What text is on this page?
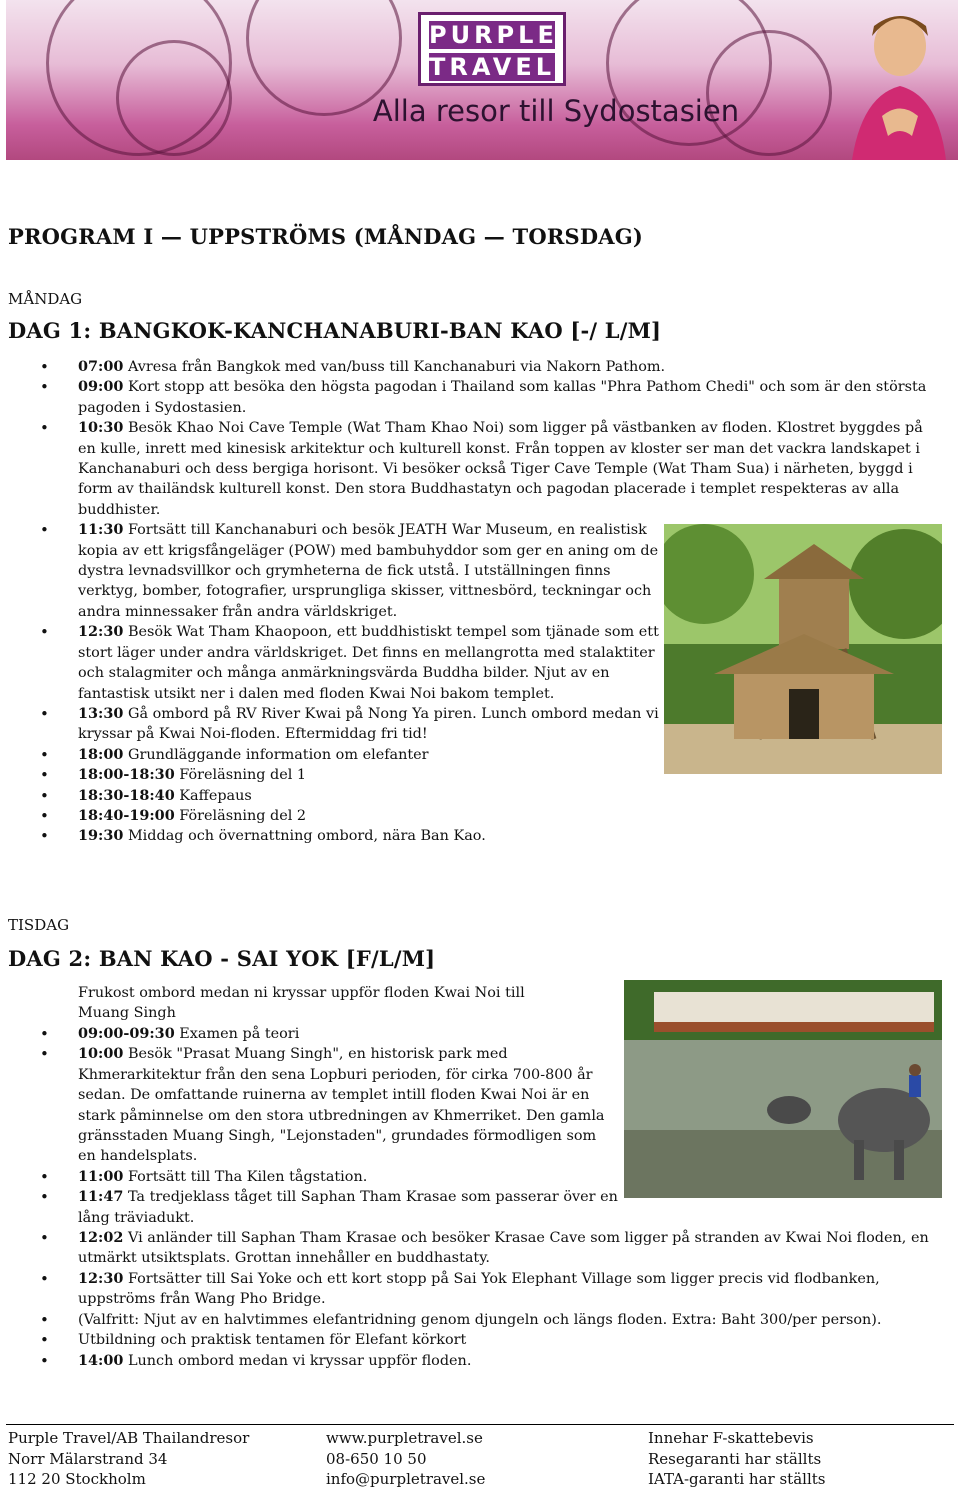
PURPLE
TRAVEL
Alla resor till Sydostasien
PROGRAM I — UPPSTRÖMS (MÅNDAG — TORSDAG)
MÅNDAG
DAG 1: BANGKOK-KANCHANABURI-BAN KAO [-/ L/M]
• 07:00 Avresa från Bangkok med van/buss till Kanchanaburi via Nakorn Pathom.
• 09:00 Kort stopp att besöka den högsta pagodan i Thailand som kallas "Phra Pathom Chedi" och som är den största pagoden i Sydostasien.
• 10:30 Besök Khao Noi Cave Temple (Wat Tham Khao Noi) som ligger på västbanken av floden. Klostret byggdes på en kulle, inrett med kinesisk arkitektur och kulturell konst. Från toppen av kloster ser man det vackra landskapet i Kanchanaburi och dess bergiga horisont. Vi besöker också Tiger Cave Temple (Wat Tham Sua) i närheten, byggd i form av thailändsk kulturell konst. Den stora Buddhastatyn och pagodan placerade i templet respekteras av alla buddhister.
• 11:30 Fortsätt till Kanchanaburi och besök JEATH War Museum, en realistisk kopia av ett krigsfångeläger (POW) med bambuhyddor som ger en aning om de dystra levnadsvillkor och grymheterna de fick utstå. I utställningen finns verktyg, bomber, fotografier, ursprungliga skisser, vittnesbörd, teckningar och andra minnessaker från andra världskriget.
• 12:30 Besök Wat Tham Khaopoon, ett buddhistiskt tempel som tjänade som ett stort läger under andra världskriget. Det finns en mellangrotta med stalaktiter och stalagmiter och många anmärkningsvärda Buddha bilder. Njut av en fantastisk utsikt ner i dalen med floden Kwai Noi bakom templet.
• 13:30 Gå ombord på RV River Kwai på Nong Ya piren. Lunch ombord medan vi kryssar på Kwai Noi-floden. Eftermiddag fri tid!
• 18:00 Grundläggande information om elefanter
• 18:00-18:30 Föreläsning del 1
• 18:30-18:40 Kaffepaus
• 18:40-19:00 Föreläsning del 2
• 19:30 Middag och övernattning ombord, nära Ban Kao.
TISDAG
DAG 2: BAN KAO - SAI YOK [F/L/M]
Frukost ombord medan ni kryssar uppför floden Kwai Noi till Muang Singh
• 09:00-09:30 Examen på teori
• 10:00 Besök "Prasat Muang Singh", en historisk park med Khmerarkitektur från den sena Lopburi perioden, för cirka 700-800 år sedan. De omfattande ruinerna av templet intill floden Kwai Noi är en stark påminnelse om den stora utbredningen av Khmerriket. Den gamla gränsstaden Muang Singh, "Lejonstaden", grundades förmodligen som en handelsplats.
• 11:00 Fortsätt till Tha Kilen tågstation.
• 11:47 Ta tredjeklass tåget till Saphan Tham Krasae som passerar över en lång träviadukt.
• 12:02 Vi anländer till Saphan Tham Krasae och besöker Krasae Cave som ligger på stranden av Kwai Noi floden, en utmärkt utsiktsplats. Grottan innehåller en buddhastaty.
• 12:30 Fortsätter till Sai Yoke och ett kort stopp på Sai Yok Elephant Village som ligger precis vid flodbanken, uppströms från Wang Pho Bridge.
• (Valfritt: Njut av en halvtimmes elefantridning genom djungeln och längs floden. Extra: Baht 300/per person).
• Utbildning och praktisk tentamen för Elefant körkort
• 14:00 Lunch ombord medan vi kryssar uppför floden.
Purple Travel/AB Thailandresor
Norr Mälarstrand 34
112 20 Stockholm
www.purpletravel.se
08-650 10 50
info@purpletravel.se
Innehar F-skattebevis
Resegaranti har ställts
IATA-garanti har ställts
